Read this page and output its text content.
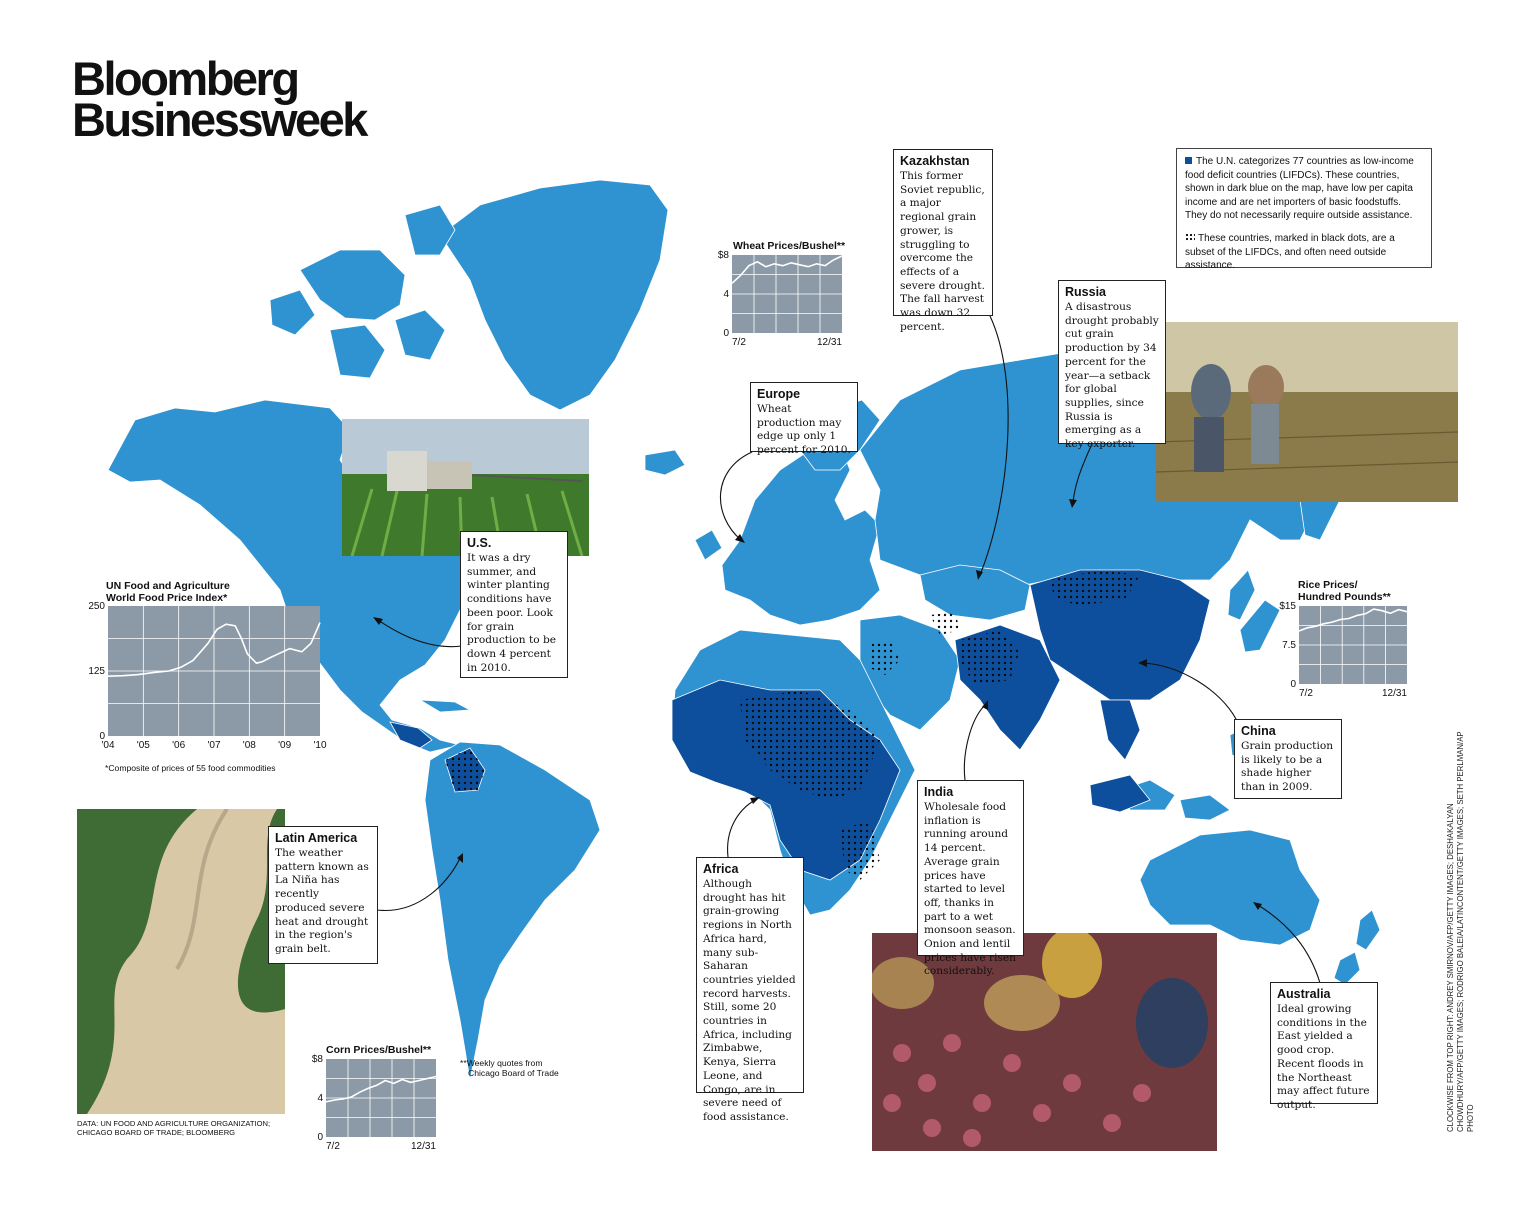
Bloomberg
Businessweek

The U.N. categorizes 77 countries as low-income food deficit countries (LIFDCs). These countries, shown in dark blue on the map, have low per capita income and are net importers of basic foodstuffs. They do not necessarily require outside assistance.

These countries, marked in black dots, are a subset of the LIFDCs, and often need outside assistance.

Kazakhstan
This former Soviet republic, a major regional grain grower, is struggling to overcome the effects of a severe drought. The fall harvest was down 32 percent.
Russia
A disastrous drought probably cut grain production by 34 percent for the year—a setback for global supplies, since Russia is emerging as a key exporter.
Europe
Wheat production may edge up only 1 percent for 2010.
U.S.
It was a dry summer, and winter planting conditions have been poor. Look for grain production to be down 4 percent in 2010.
Latin America
The weather pattern known as La Niña has recently produced severe heat and drought in the region's grain belt.
Africa
Although drought has hit grain-growing regions in North Africa hard, many sub-Saharan countries yielded record harvests. Still, some 20 countries in Africa, including Zimbabwe, Kenya, Sierra Leone, and Congo, are in severe need of food assistance.
India
Wholesale food inflation is running around 14 percent. Average grain prices have started to level off, thanks in part to a wet monsoon season. Onion and lentil prices have risen considerably.
China
Grain production is likely to be a shade higher than in 2009.
Australia
Ideal growing conditions in the East yielded a good crop. Recent floods in the Northeast may affect future output.
UN Food and Agriculture
World Food Price Index*
250
125
0
'04 '05 '06 '07 '08 '09 '10
*Composite of prices of 55 food commodities
Wheat Prices/Bushel**
$8
4
0
7/2	12/31
Rice Prices/
Hundred Pounds**
$15
7.5
0
7/2	12/31
Corn Prices/Bushel**
$8
4
0
7/2	12/31
**Weekly quotes from
Chicago Board of Trade
DATA: UN FOOD AND AGRICULTURE ORGANIZATION;
CHICAGO BOARD OF TRADE; BLOOMBERG
CLOCKWISE FROM TOP RIGHT: ANDREY SMIRNOV/AFP/GETTY IMAGES; DESHAKALYAN CHOWDHURY/AFP/GETTY IMAGES; RODRIGO BALEIA/LATINCONTENT/GETTY IMAGES; SETH PERLMAN/AP PHOTO
